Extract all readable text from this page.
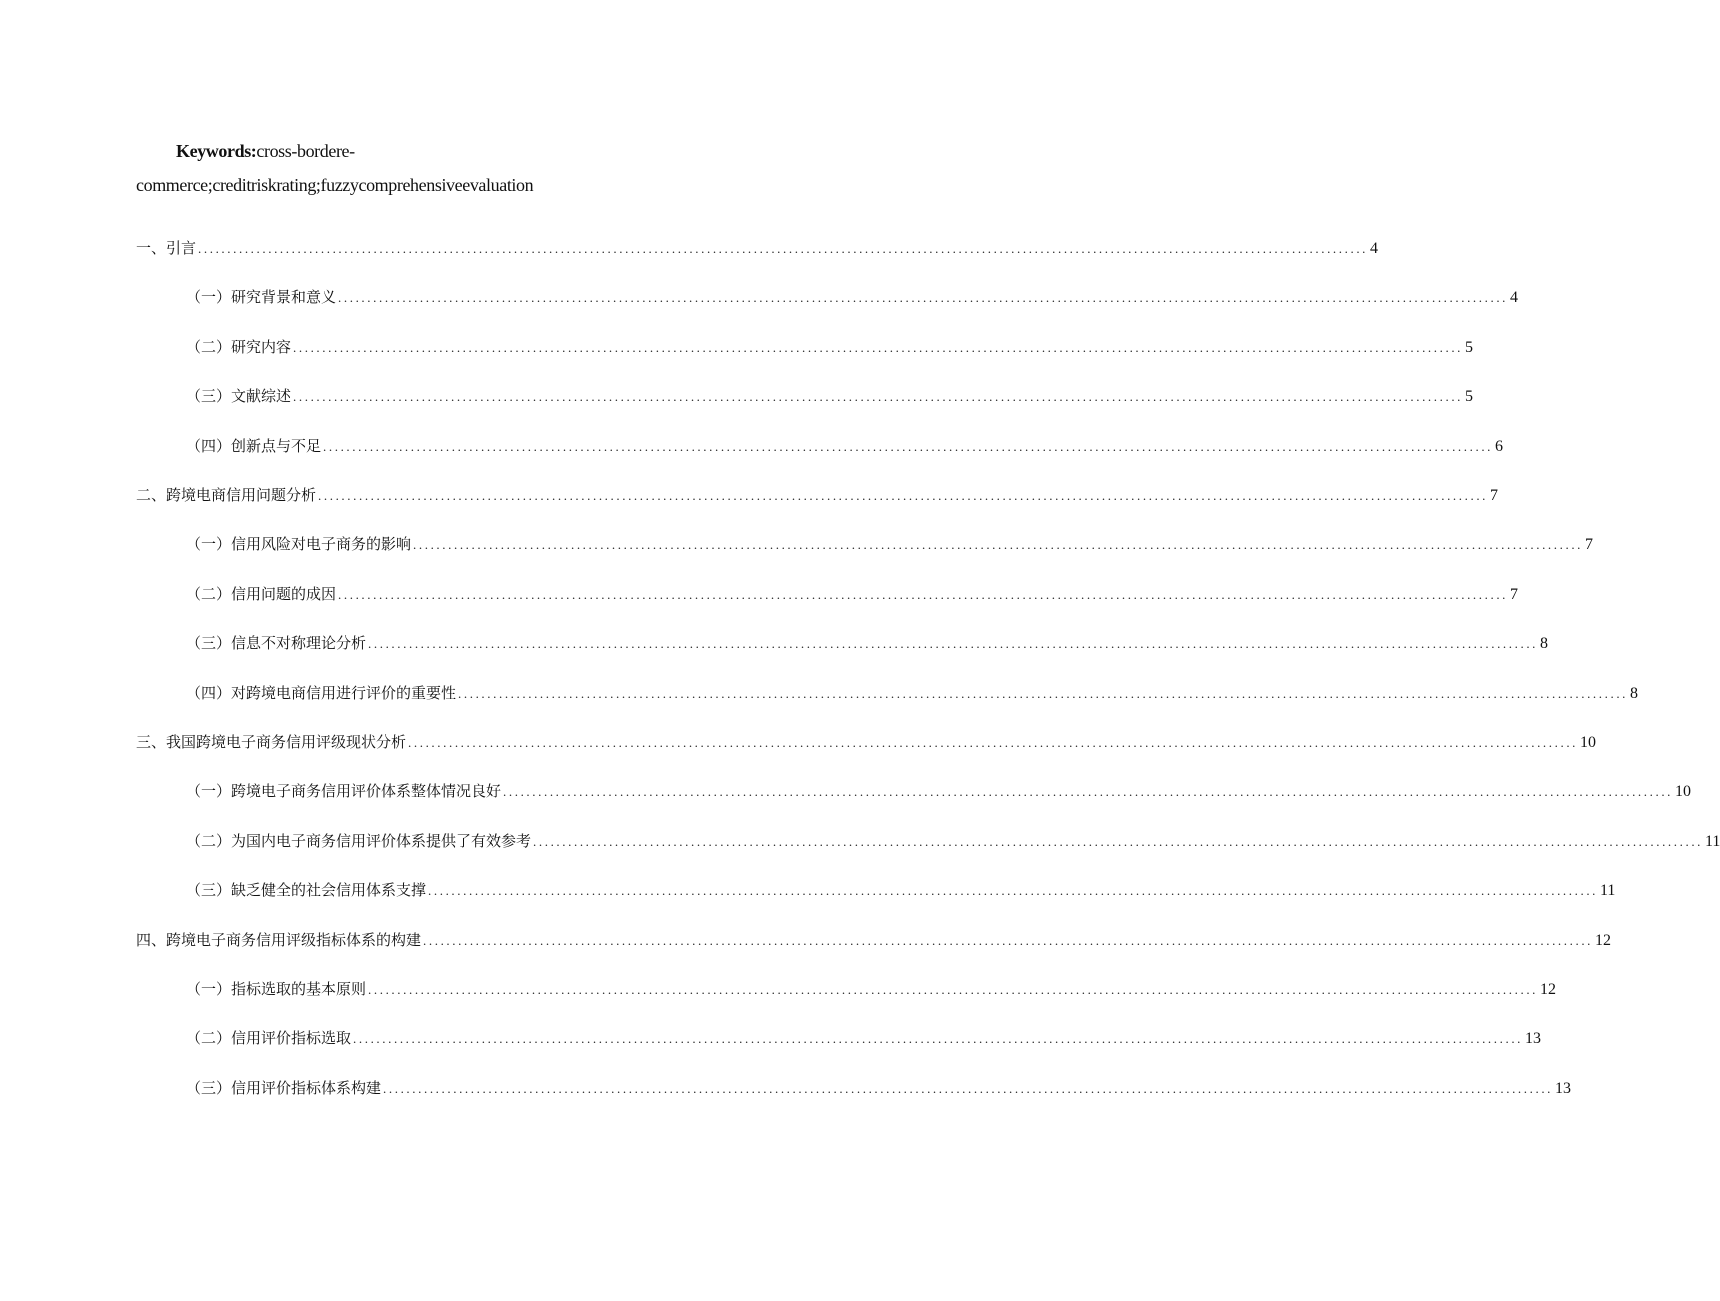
Keywords:cross-bordere-
commerce;creditriskrating;fuzzycomprehensiveevaluation
一、引言 ........................................................................................................................................................................................................ 4
（一）研究背景和意义 ........................................................................................................................................................................................................ 4
（二）研究内容 ........................................................................................................................................................................................................ 5
（三）文献综述 ........................................................................................................................................................................................................ 5
（四）创新点与不足 ........................................................................................................................................................................................................ 6
二、跨境电商信用问题分析 ........................................................................................................................................................................................................ 7
（一）信用风险对电子商务的影响 ........................................................................................................................................................................................................ 7
（二）信用问题的成因 ........................................................................................................................................................................................................ 7
（三）信息不对称理论分析 ........................................................................................................................................................................................................ 8
（四）对跨境电商信用进行评价的重要性 ........................................................................................................................................................................................................ 8
三、我国跨境电子商务信用评级现状分析 ........................................................................................................................................................................................................ 10
（一）跨境电子商务信用评价体系整体情况良好 ........................................................................................................................................................................................................ 10
（二）为国内电子商务信用评价体系提供了有效参考 ........................................................................................................................................................................................................ 11
（三）缺乏健全的社会信用体系支撑 ........................................................................................................................................................................................................ 11
四、跨境电子商务信用评级指标体系的构建 ........................................................................................................................................................................................................ 12
（一）指标选取的基本原则 ........................................................................................................................................................................................................ 12
（二）信用评价指标选取 ........................................................................................................................................................................................................ 13
（三）信用评价指标体系构建 ........................................................................................................................................................................................................ 13
